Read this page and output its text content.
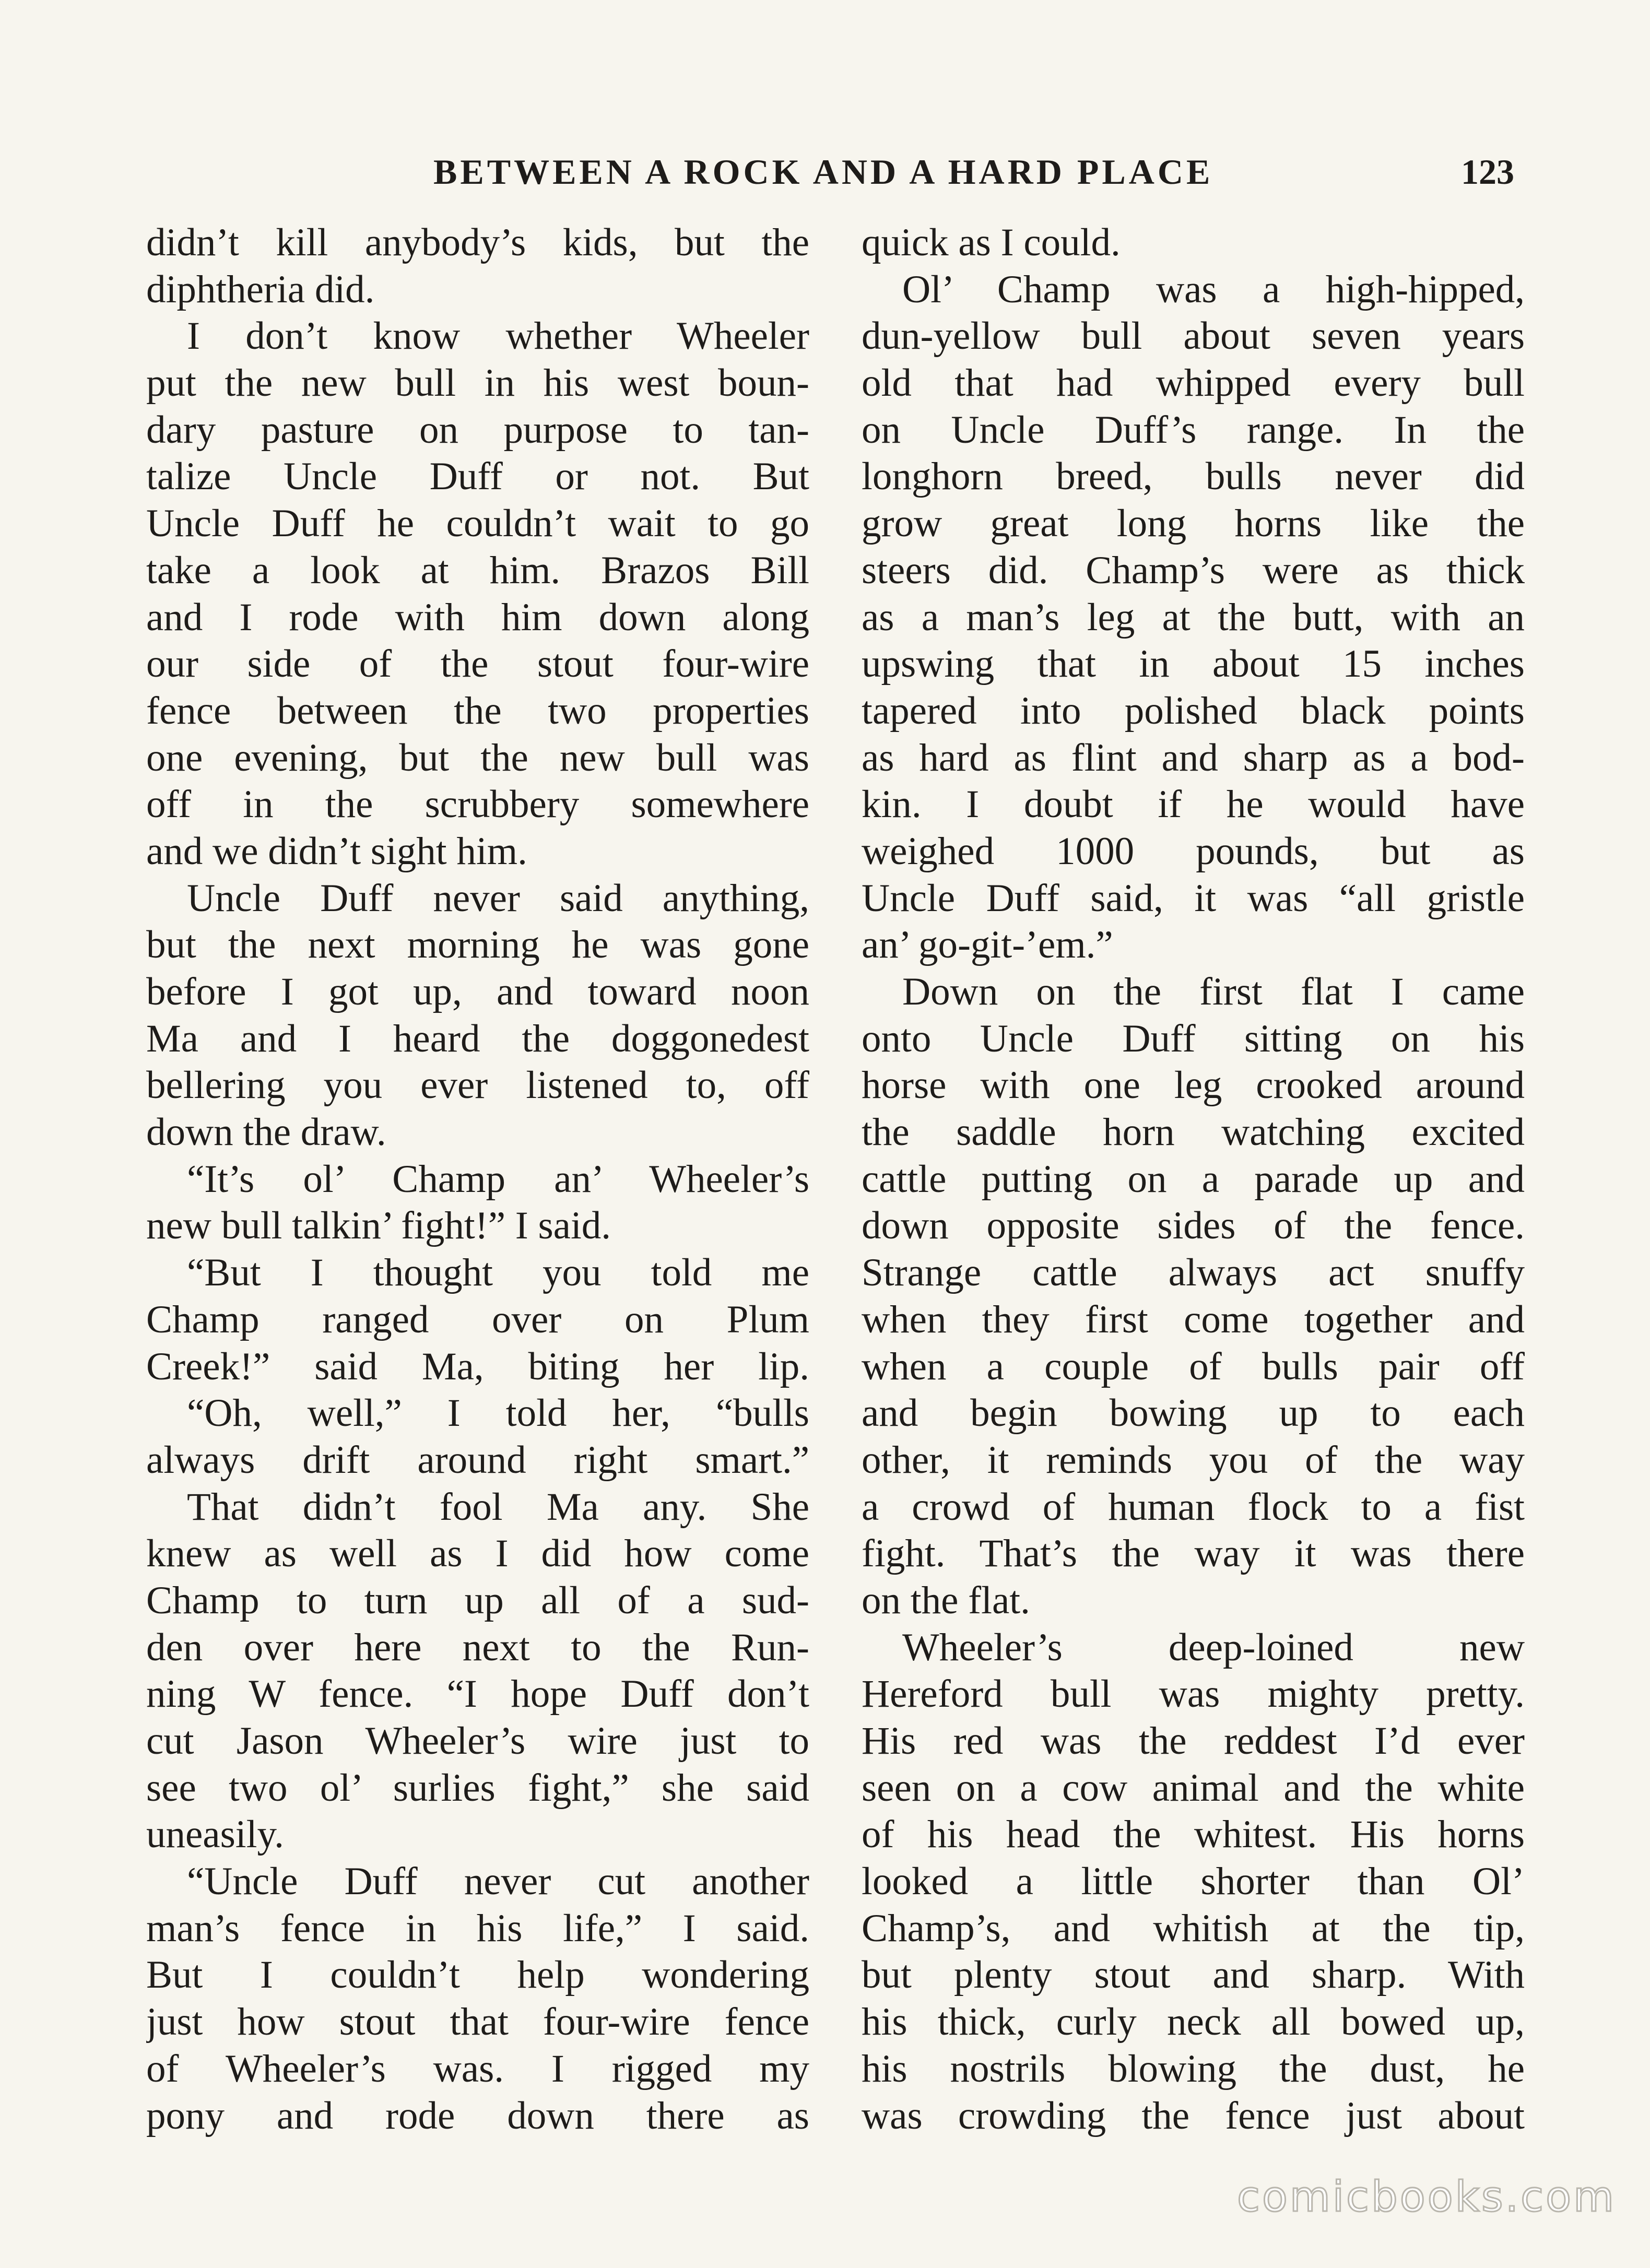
BETWEEN A ROCK AND A HARD PLACE	123
didn’t kill anybody’s kids, but the
diphtheria did.
I don’t know whether Wheeler
put the new bull in his west boun-
dary pasture on purpose to tan-
talize Uncle Duff or not. But
Uncle Duff he couldn’t wait to go
take a look at him. Brazos Bill
and I rode with him down along
our side of the stout four-wire
fence between the two properties
one evening, but the new bull was
off in the scrubbery somewhere
and we didn’t sight him.
Uncle Duff never said anything,
but the next morning he was gone
before I got up, and toward noon
Ma and I heard the doggonedest
bellering you ever listened to, off
down the draw.
“It’s ol’ Champ an’ Wheeler’s
new bull talkin’ fight!” I said.
“But I thought you told me
Champ ranged over on Plum
Creek!” said Ma, biting her lip.
“Oh, well,” I told her, “bulls
always drift around right smart.”
That didn’t fool Ma any. She
knew as well as I did how come
Champ to turn up all of a sud-
den over here next to the Run-
ning W fence. “I hope Duff don’t
cut Jason Wheeler’s wire just to
see two ol’ surlies fight,” she said
uneasily.
“Uncle Duff never cut another
man’s fence in his life,” I said.
But I couldn’t help wondering
just how stout that four-wire fence
of Wheeler’s was. I rigged my
pony and rode down there as
quick as I could.
Ol’ Champ was a high-hipped,
dun-yellow bull about seven years
old that had whipped every bull
on Uncle Duff’s range. In the
longhorn breed, bulls never did
grow great long horns like the
steers did. Champ’s were as thick
as a man’s leg at the butt, with an
upswing that in about 15 inches
tapered into polished black points
as hard as flint and sharp as a bod-
kin. I doubt if he would have
weighed 1000 pounds, but as
Uncle Duff said, it was “all gristle
an’ go-git-’em.”
Down on the first flat I came
onto Uncle Duff sitting on his
horse with one leg crooked around
the saddle horn watching excited
cattle putting on a parade up and
down opposite sides of the fence.
Strange cattle always act snuffy
when they first come together and
when a couple of bulls pair off
and begin bowing up to each
other, it reminds you of the way
a crowd of human flock to a fist
fight. That’s the way it was there
on the flat.
Wheeler’s deep-loined new
Hereford bull was mighty pretty.
His red was the reddest I’d ever
seen on a cow animal and the white
of his head the whitest. His horns
looked a little shorter than Ol’
Champ’s, and whitish at the tip,
but plenty stout and sharp. With
his thick, curly neck all bowed up,
his nostrils blowing the dust, he
was crowding the fence just about
comicbooks.com
